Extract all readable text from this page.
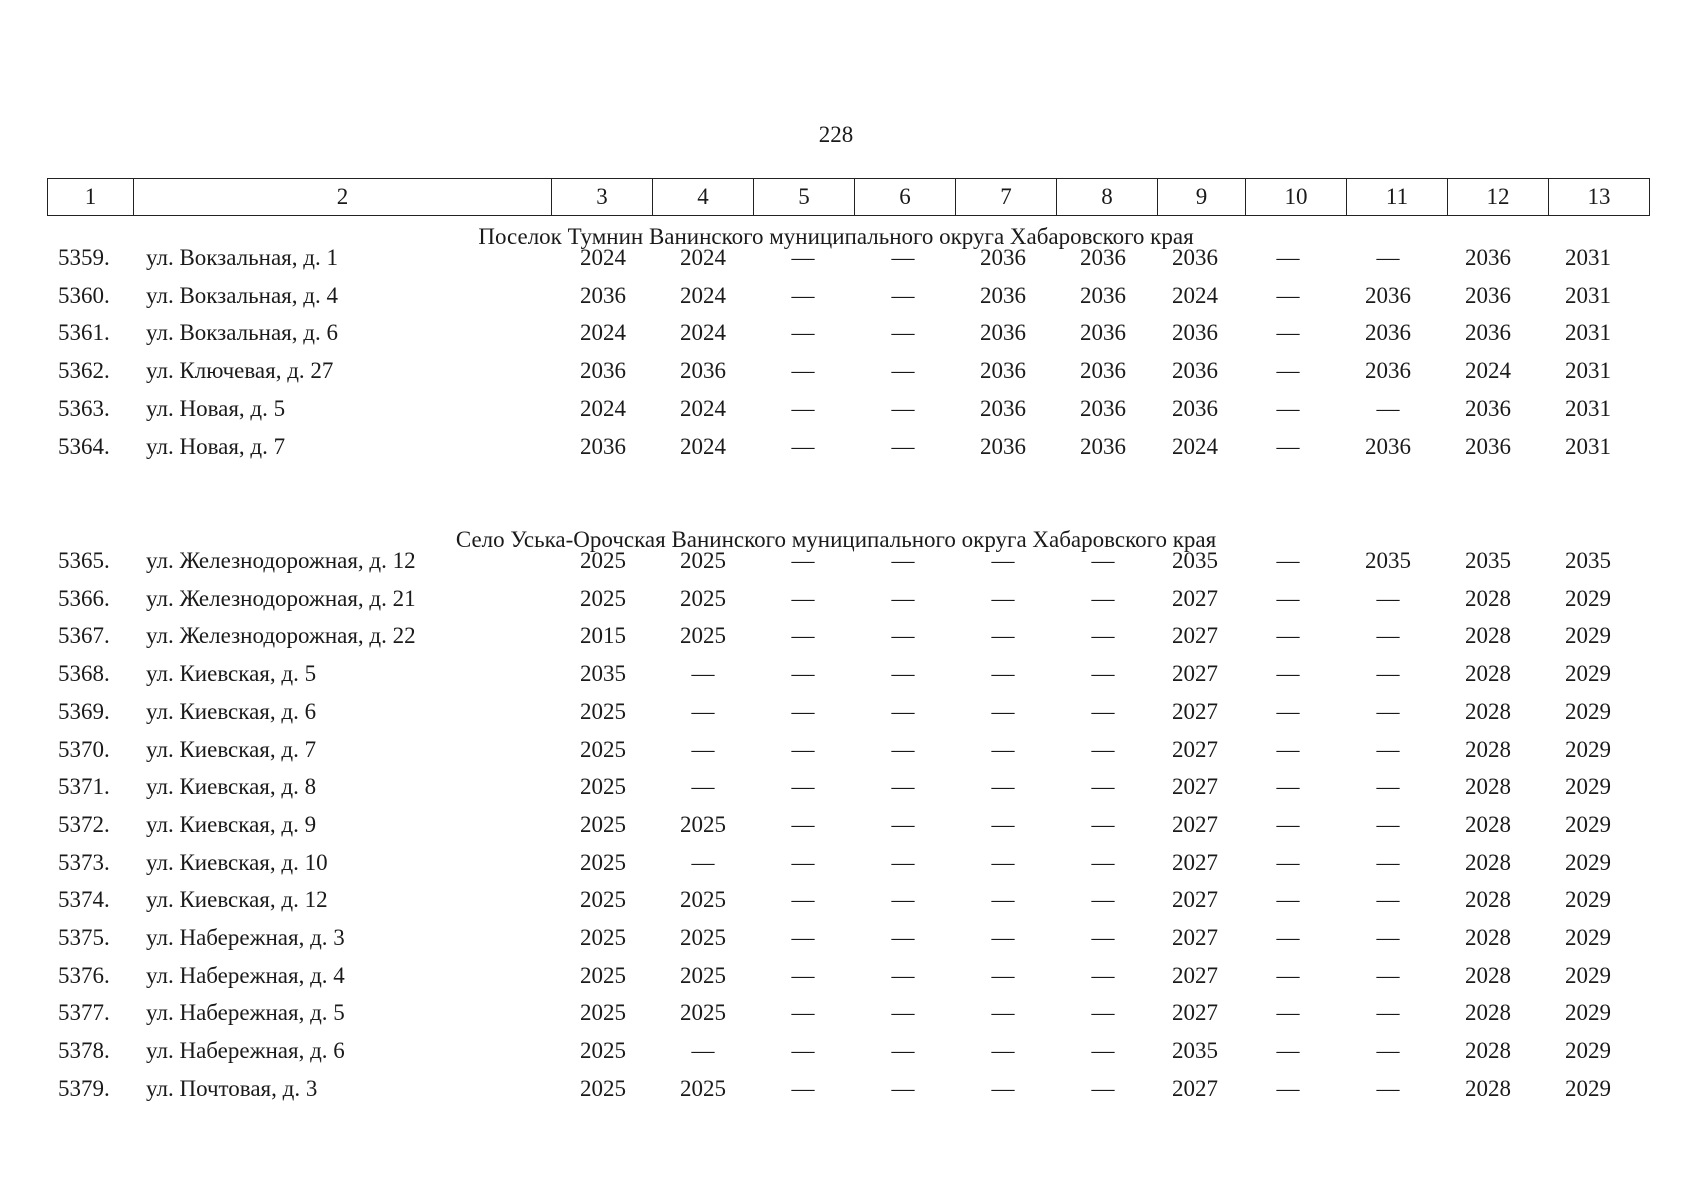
228
1	2	3	4	5	6	7	8	9	10	11	12	13
Поселок Тумнин Ванинского муниципального округа Хабаровского края
5359. ул. Вокзальная, д. 1	2024	2024	—	—	2036	2036	2036	—	—	2036	2031
5360. ул. Вокзальная, д. 4	2036	2024	—	—	2036	2036	2024	—	2036	2036	2031
5361. ул. Вокзальная, д. 6	2024	2024	—	—	2036	2036	2036	—	2036	2036	2031
5362. ул. Ключевая, д. 27	2036	2036	—	—	2036	2036	2036	—	2036	2024	2031
5363. ул. Новая, д. 5	2024	2024	—	—	2036	2036	2036	—	—	2036	2031
5364. ул. Новая, д. 7	2036	2024	—	—	2036	2036	2024	—	2036	2036	2031
Село Уська-Орочская Ванинского муниципального округа Хабаровского края
5365. ул. Железнодорожная, д. 12	2025	2025	—	—	—	—	2035	—	2035	2035	2035
5366. ул. Железнодорожная, д. 21	2025	2025	—	—	—	—	2027	—	—	2028	2029
5367. ул. Железнодорожная, д. 22	2015	2025	—	—	—	—	2027	—	—	2028	2029
5368. ул. Киевская, д. 5	2035	—	—	—	—	—	2027	—	—	2028	2029
5369. ул. Киевская, д. 6	2025	—	—	—	—	—	2027	—	—	2028	2029
5370. ул. Киевская, д. 7	2025	—	—	—	—	—	2027	—	—	2028	2029
5371. ул. Киевская, д. 8	2025	—	—	—	—	—	2027	—	—	2028	2029
5372. ул. Киевская, д. 9	2025	2025	—	—	—	—	2027	—	—	2028	2029
5373. ул. Киевская, д. 10	2025	—	—	—	—	—	2027	—	—	2028	2029
5374. ул. Киевская, д. 12	2025	2025	—	—	—	—	2027	—	—	2028	2029
5375. ул. Набережная, д. 3	2025	2025	—	—	—	—	2027	—	—	2028	2029
5376. ул. Набережная, д. 4	2025	2025	—	—	—	—	2027	—	—	2028	2029
5377. ул. Набережная, д. 5	2025	2025	—	—	—	—	2027	—	—	2028	2029
5378. ул. Набережная, д. 6	2025	—	—	—	—	—	2035	—	—	2028	2029
5379. ул. Почтовая, д. 3	2025	2025	—	—	—	—	2027	—	—	2028	2029
